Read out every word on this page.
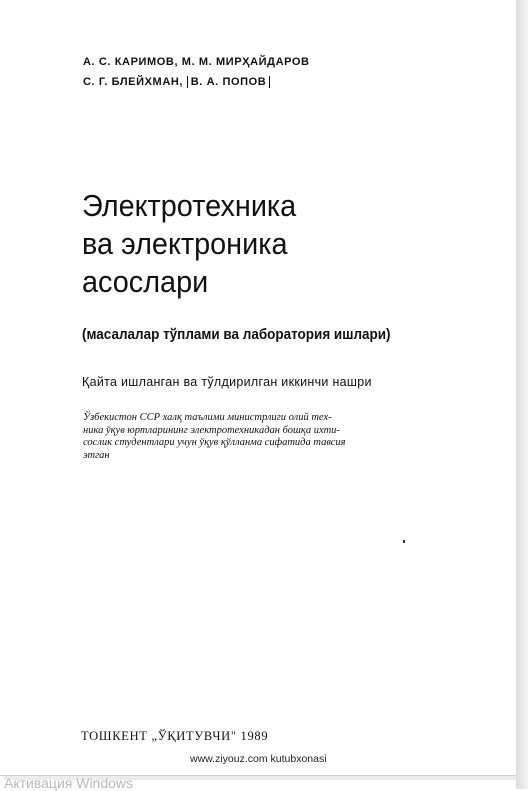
А. С. КАРИМОВ, М. М. МИРҲАЙДАРОВ
С. Г. БЛЕЙХМАН, В. А. ПОПОВ
Электротехника
ва электроника
асослари
(масалалар тўплами ва лаборатория ишлари)
Қайта ишланган ва тўлдирилган иккинчи нашри
Ўзбекистон ССР халқ таълими министрлиги олий тех-
ника ўқув юртларининг электротехникадан бошқа ихти-
сослик студентлари учун ўқув қўлланма сифатида тавсия
этган
ТОШКЕНТ „ЎҚИТУВЧИ" 1989
www.ziyouz.com kutubxonasi
Активация Windows
